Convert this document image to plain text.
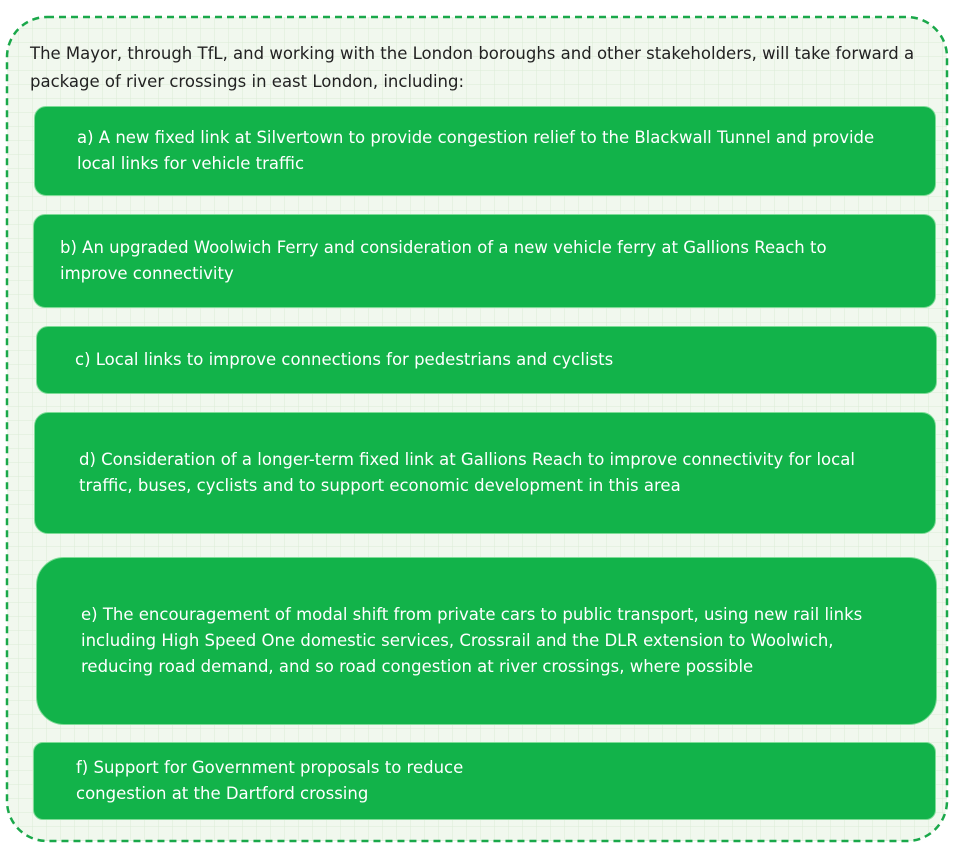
The Mayor, through TfL, and working with the London boroughs and other stakeholders, will take forward a package of river crossings in east London, including:

a) A new fixed link at Silvertown to provide congestion relief to the Blackwall Tunnel and provide local links for vehicle traffic
b) An upgraded Woolwich Ferry and consideration of a new vehicle ferry at Gallions Reach to improve connectivity
c) Local links to improve connections for pedestrians and cyclists
d) Consideration of a longer-term fixed link at Gallions Reach to improve connectivity for local traffic, buses, cyclists and to support economic development in this area
e) The encouragement of modal shift from private cars to public transport, using new rail links including High Speed One domestic services, Crossrail and the DLR extension to Woolwich, reducing road demand, and so road congestion at river crossings, where possible
f) Support for Government proposals to reduce congestion at the Dartford crossing
